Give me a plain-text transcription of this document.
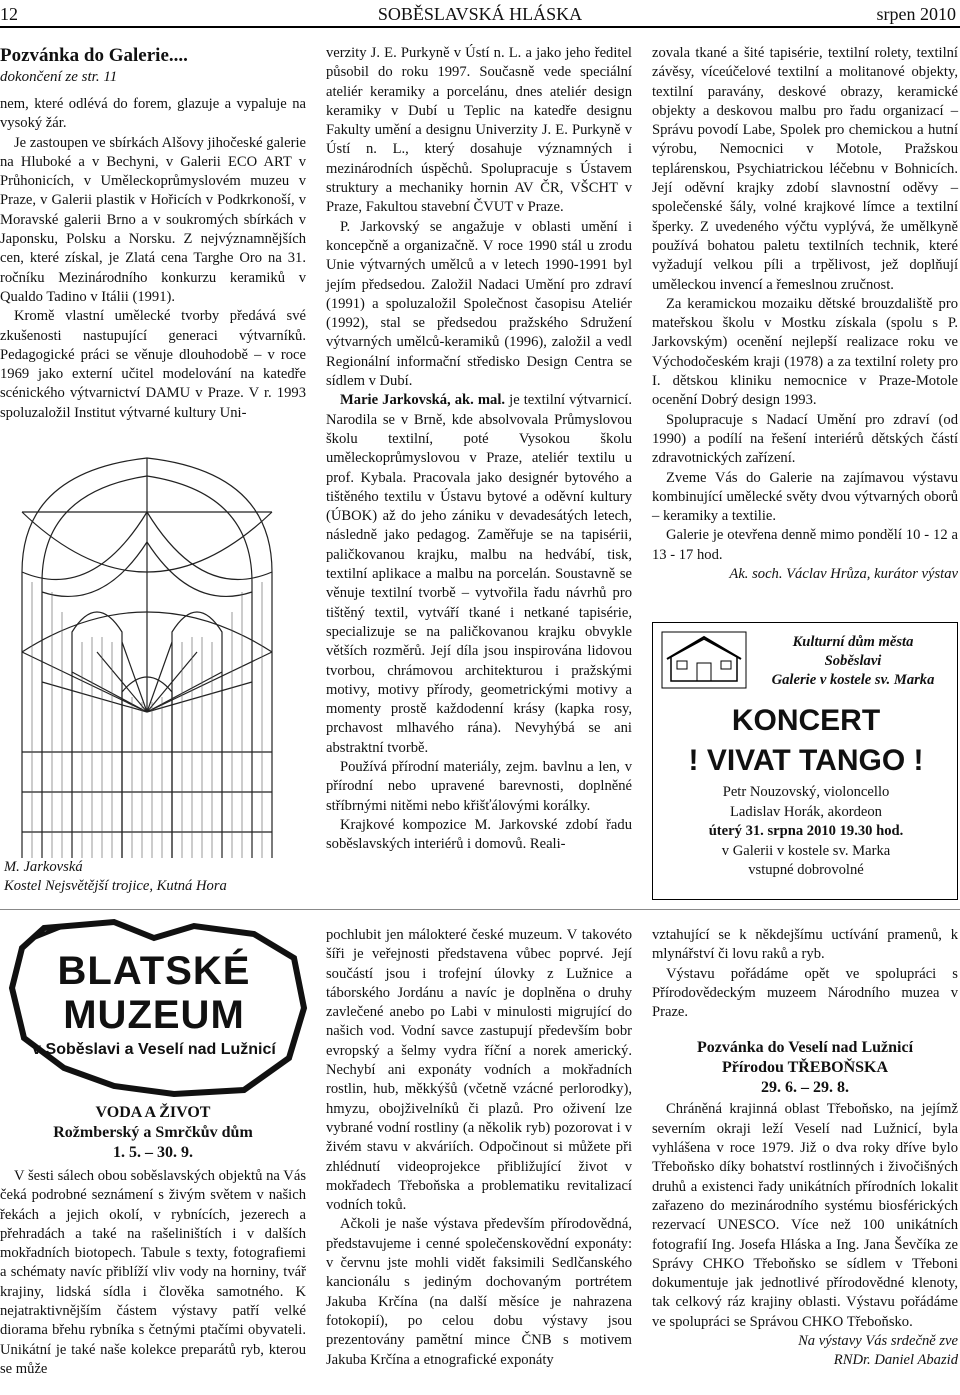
SOBĚSLAVSKÁ HLÁSKA
12	srpen 2010
Pozvánka do Galerie....
dokončení ze str. 11

nem, které odlévá do forem, glazuje a vypaluje na vysoký žár.

Je zastoupen ve sbírkách Alšovy jihočeské galerie na Hluboké a v Bechyni, v Galerii ECO ART v Průhonicích, v Uměleckoprůmyslovém muzeu v Praze, v Galerii plastik v Hořicích v Podkrkonoší, v Moravské galerii Brno a v soukromých sbírkách v Japonsku, Polsku a Norsku. Z nejvýznamnějších cen, které získal, je Zlatá cena Targhe Oro na 31. ročníku Mezinárodního konkurzu keramiků v Qualdo Tadino v Itálii (1991).

Kromě vlastní umělecké tvorby předává své zkušenosti nastupující generaci výtvarníků. Pedagogické práci se věnuje dlouhodobě – v roce 1969 jako externí učitel modelování na katedře scénického výtvarnictví DAMU v Praze. V r. 1993 spoluzaložil Institut výtvarné kultury Uni-

M. Jarkovská
Kostel Nejsvětější trojice, Kutná Hora

verzity J. E. Purkyně v Ústí n. L. a jako jeho ředitel působil do roku 1997. Současně vede speciální ateliér keramiky a porcelánu, dnes ateliér design keramiky v Dubí u Teplic na katedře designu Fakulty umění a designu Univerzity J. E. Purkyně v Ústí n. L., který dosahuje významných i mezinárodních úspěchů. Spolupracuje s Ústavem struktury a mechaniky hornin AV ČR, VŠCHT v Praze, Fakultou stavební ČVUT v Praze.

P. Jarkovský se angažuje v oblasti umění i koncepčně a organizačně. V roce 1990 stál u zrodu Unie výtvarných umělců a v letech 1990-1991 byl jejím předsedou. Založil Nadaci Umění pro zdraví (1991) a spoluzaložil Společnost časopisu Ateliér (1992), stal se předsedou pražského Sdružení výtvarných umělců-keramiků (1996), založil a vedl Regionální informační středisko Design Centra se sídlem v Dubí.

Marie Jarkovská, ak. mal. je textilní výtvarnicí. Narodila se v Brně, kde absolvovala Průmyslovou školu textilní, poté Vysokou školu uměleckoprůmyslovou v Praze, ateliér textilu u prof. Kybala. Pracovala jako designér bytového a tištěného textilu v Ústavu bytové a oděvní kultury (ÚBOK) až do jeho zániku v devadesátých letech, následně jako pedagog. Zaměřuje se na tapisérii, paličkovanou krajku, malbu na hedvábí, tisk, textilní aplikace a malbu na porcelán. Soustavně se věnuje textilní tvorbě – vytvořila řadu návrhů pro tištěný textil, vytváří tkané i netkané tapisérie, specializuje se na paličkovanou krajku obvykle větších rozměrů. Její díla jsou inspirována lidovou tvorbou, chrámovou architekturou i pražskými motivy, motivy přírody, geometrickými motivy a momenty prostě každodenní krásy (kapka rosy, prchavost mlhavého rána). Nevyhýbá se ani abstraktní tvorbě.

Používá přírodní materiály, zejm. bavlnu a len, v přírodní nebo upravené barevnosti, doplněné stříbrnými nitěmi nebo křišťálovými korálky.

Krajkové kompozice M. Jarkovské zdobí řadu soběslavských interiérů i domovů. Reali-

zovala tkané a šité tapisérie, textilní rolety, textilní závěsy, víceúčelové textilní a molitanové objekty, textilní paravány, deskové obrazy, keramické objekty a deskovou malbu pro řadu organizací – Správu povodí Labe, Spolek pro chemickou a hutní výrobu, Nemocnici v Motole, Pražskou teplárenskou, Psychiatrickou léčebnu v Bohnicích. Její oděvní krajky zdobí slavnostní oděvy – společenské šály, volné krajkové límce a textilní šperky. Z uvedeného výčtu vyplývá, že umělkyně používá bohatou paletu textilních technik, které vyžadují velkou píli a trpělivost, jež doplňují uměleckou invencí a řemeslnou zručnost.

Za keramickou mozaiku dětské brouzdaliště pro mateřskou školu v Mostku získala (spolu s P. Jarkovským) ocenění nejlepší realizace roku ve Východočeském kraji (1978) a za textilní rolety pro I. dětskou kliniku nemocnice v Praze-Motole ocenění Dobrý design 1993.

Spolupracuje s Nadací Umění pro zdraví (od 1990) a podílí na řešení interiérů dětských částí zdravotnických zařízení.

Zveme Vás do Galerie na zajímavou výstavu kombinující umělecké světy dvou výtvarných oborů – keramiky a textilie.

Galerie je otevřena denně mimo pondělí 10 - 12 a 13 - 17 hod.

Ak. soch. Václav Hrůza, kurátor výstav

Kulturní dům města
Soběslavi
Galerie v kostele sv. Marka
KONCERT
! VIVAT TANGO !
Petr Nouzovský, violoncello
Ladislav Horák, akordeon
úterý 31. srpna 2010 19.30 hod.
v Galerii v kostele sv. Marka
vstupné dobrovolné
BLATSKÉ
MUZEUM
v Soběslavi a Veselí nad Lužnicí

VODA A ŽIVOT

Rožmberský a Smrčkův dům

1. 5. – 30. 9.

V šesti sálech obou soběslavských objektů na Vás čeká podrobné seznámení s živým světem v našich řekách a jejich okolí, v rybnících, jezerech a přehradách a také na rašeliništích i v dalších mokřadních biotopech. Tabule s texty, fotografiemi a schématy navíc přiblíží vliv vody na horniny, tvář krajiny, lidská sídla i člověka samotného. K nejatraktivnějším částem výstavy patří velké diorama břehu rybníka s četnými ptačími obyvateli. Unikátní je také naše kolekce preparátů ryb, kterou se může

pochlubit jen málokteré české muzeum. V takovéto šíři je veřejnosti představena vůbec poprvé. Její součástí jsou i trofejní úlovky z Lužnice a táborského Jordánu a navíc je doplněna o druhy zavlečené anebo po Labi v minulosti migrující do našich vod. Vodní savce zastupují především bobr evropský a šelmy vydra říční a norek americký. Nechybí ani exponáty vodních a mokřadních rostlin, hub, měkkýšů (včetně vzácné perlorodky), hmyzu, obojživelníků či plazů. Pro oživení lze vybrané vodní rostliny (a několik ryb) pozorovat i v živém stavu v akváriích. Odpočinout si můžete při zhlédnutí videoprojekce přibližující život v mokřadech Třeboňska a problematiku revitalizací vodních toků.

Ačkoli je naše výstava především přírodovědná, představujeme i cenné společenskovědní exponáty: v červnu jste mohli vidět faksimili Sedlčanského kancionálu s jediným dochovaným portrétem Jakuba Krčína (na další měsíce je nahrazena fotokopií), po celou dobu výstavy jsou prezentovány pamětní mince ČNB s motivem Jakuba Krčína a etnografické exponáty

vztahující se k někdejšímu uctívání pramenů, k mlynářství či lovu raků a ryb.

Výstavu pořádáme opět ve spolupráci s Přírodovědeckým muzeem Národního muzea v Praze.

Pozvánka do Veselí nad Lužnicí

Přírodou TŘEBOŇSKA

29. 6. – 29. 8.

Chráněná krajinná oblast Třeboňsko, na jejímž severním okraji leží Veselí nad Lužnicí, byla vyhlášena v roce 1979. Již o dva roky dříve bylo Třeboňsko díky bohatství rostlinných i živočišných druhů a existenci řady unikátních přírodních lokalit zařazeno do mezinárodního systému biosférických rezervací UNESCO. Více než 100 unikátních fotografií Ing. Josefa Hláska a Ing. Jana Ševčíka ze Správy CHKO Třeboňsko se sídlem v Třeboni dokumentuje jak jednotlivé přírodovědné klenoty, tak celkový ráz krajiny oblasti. Výstavu pořádáme ve spolupráci se Správou CHKO Třeboňsko.

Na výstavy Vás srdečně zve

RNDr. Daniel Abazid
